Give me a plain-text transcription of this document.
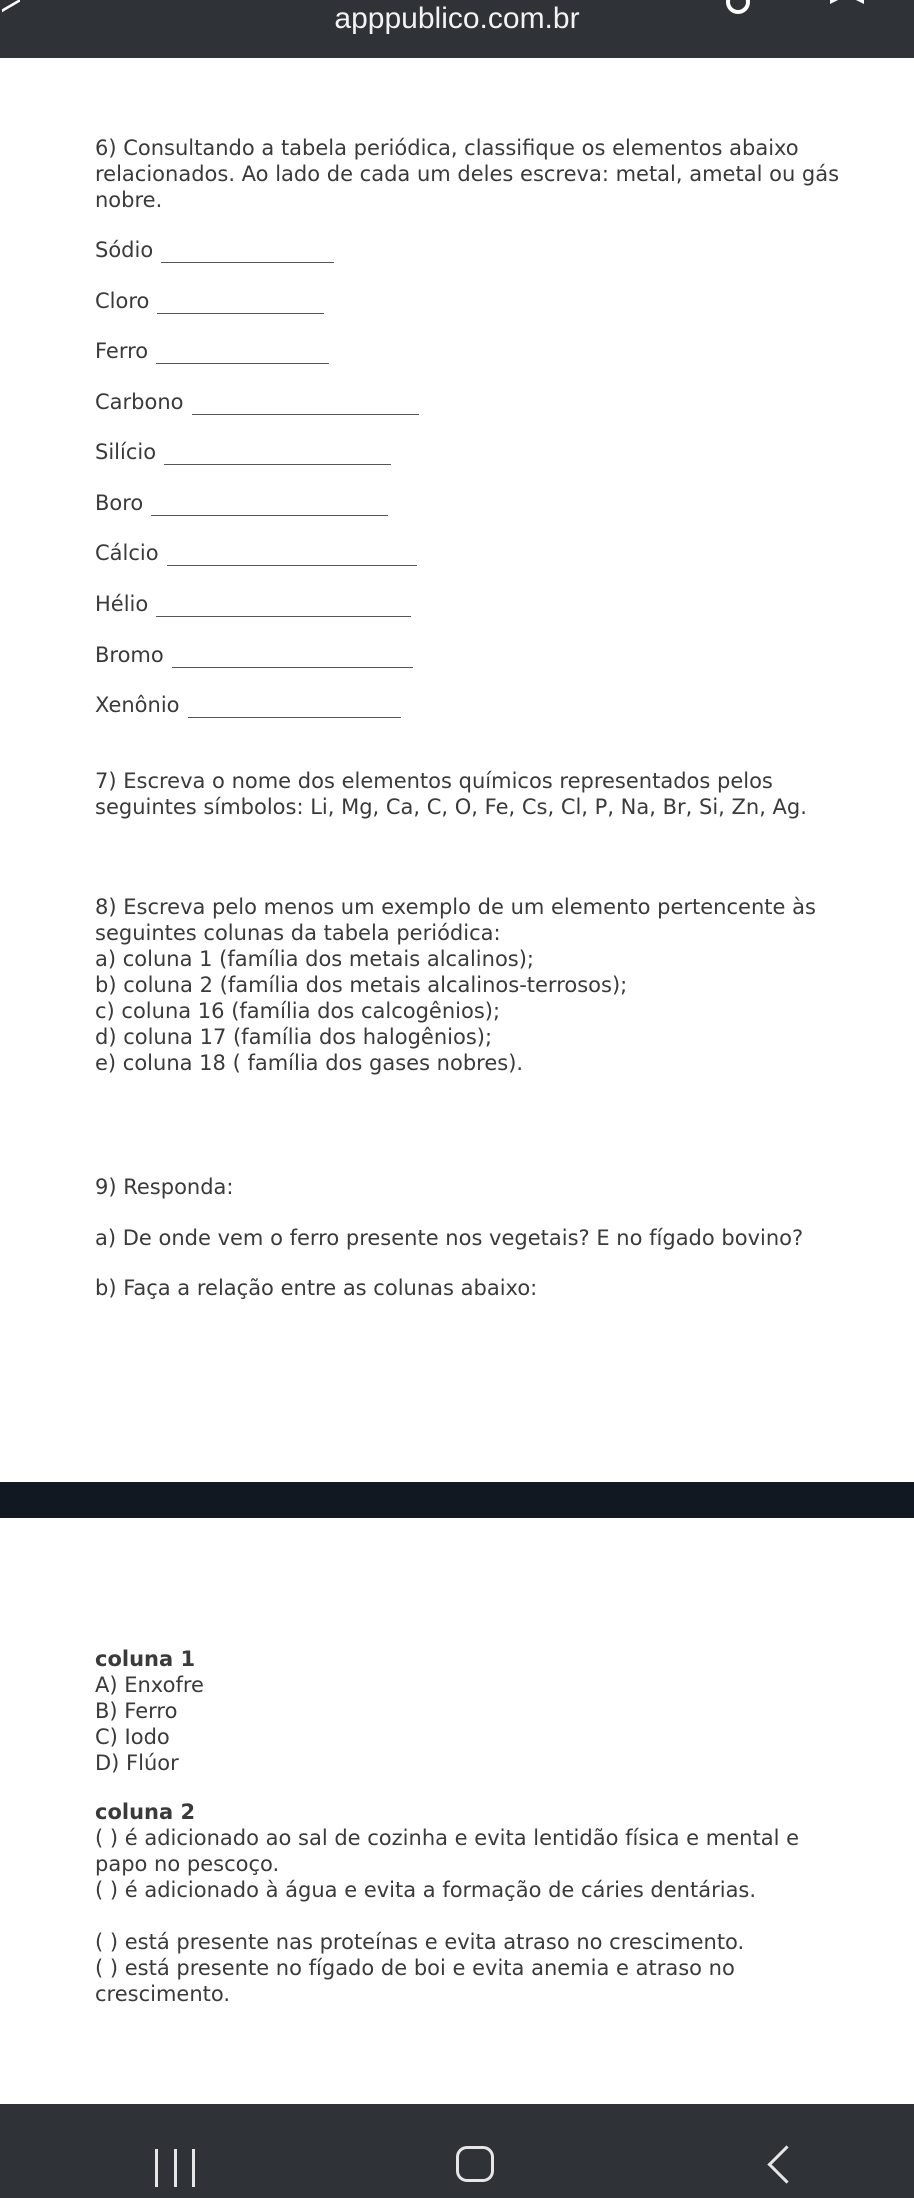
apppublico.com.br
6) Consultando a tabela periódica, classifique os elementos abaixo
relacionados. Ao lado de cada um deles escreva: metal, ametal ou gás
nobre.
Sódio
Cloro
Ferro
Carbono
Silício
Boro
Cálcio
Hélio
Bromo
Xenônio
7) Escreva o nome dos elementos químicos representados pelos
seguintes símbolos: Li, Mg, Ca, C, O, Fe, Cs, Cl, P, Na, Br, Si, Zn, Ag.
8) Escreva pelo menos um exemplo de um elemento pertencente às
seguintes colunas da tabela periódica:
a) coluna 1 (família dos metais alcalinos);
b) coluna 2 (família dos metais alcalinos-terrosos);
c) coluna 16 (família dos calcogênios);
d) coluna 17 (família dos halogênios);
e) coluna 18 ( família dos gases nobres).
9) Responda:
a) De onde vem o ferro presente nos vegetais? E no fígado bovino?
b) Faça a relação entre as colunas abaixo:
coluna 1
A) Enxofre
B) Ferro
C) Iodo
D) Flúor
coluna 2
( ) é adicionado ao sal de cozinha e evita lentidão física e mental e
papo no pescoço.
( ) é adicionado à água e evita a formação de cáries dentárias.
( ) está presente nas proteínas e evita atraso no crescimento.
( ) está presente no fígado de boi e evita anemia e atraso no
crescimento.
